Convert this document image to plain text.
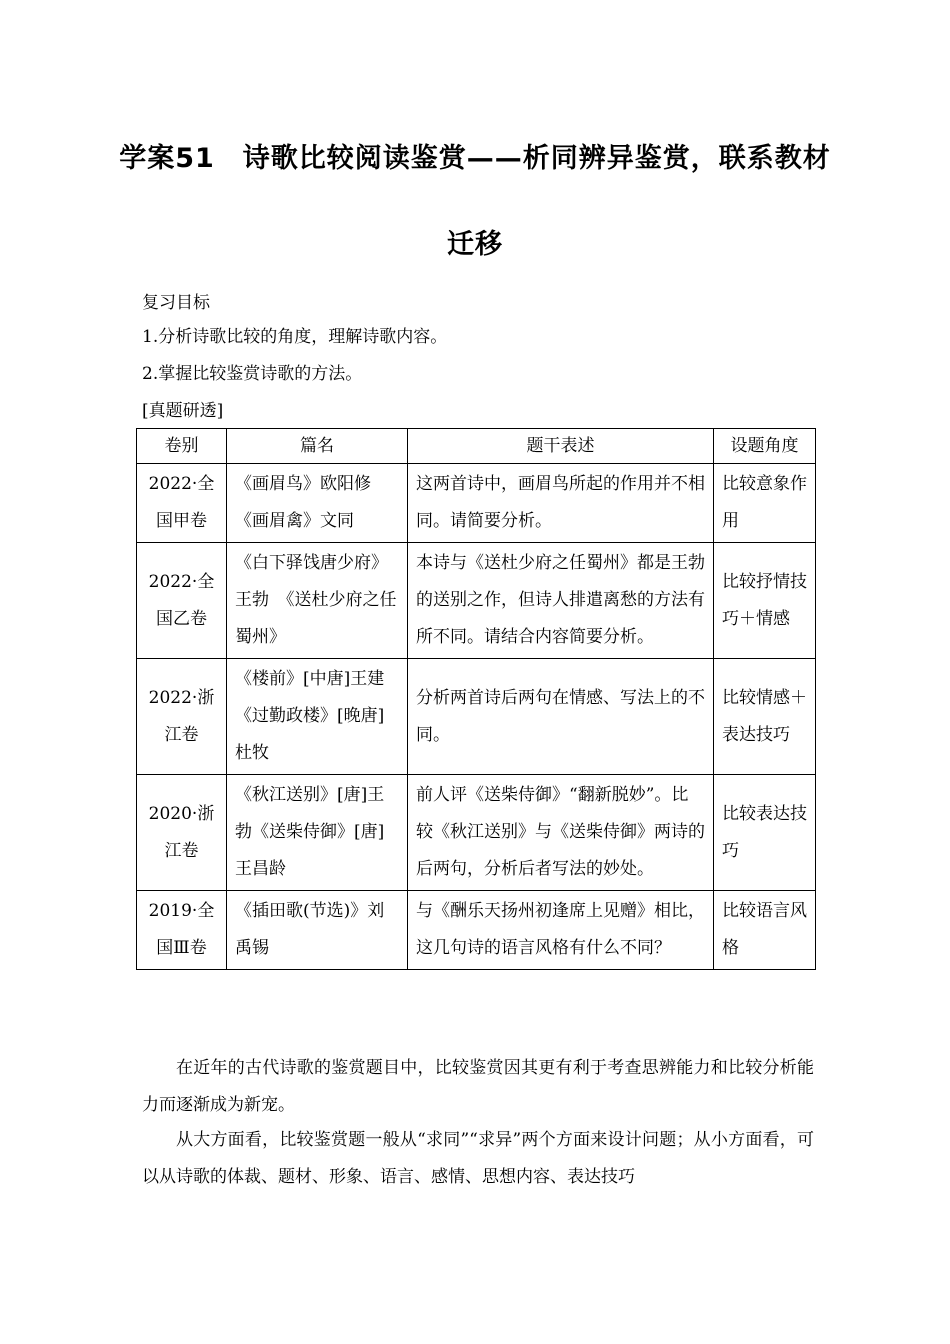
学案51　诗歌比较阅读鉴赏——析同辨异鉴赏，联系教材
迁移
复习目标
1.分析诗歌比较的角度，理解诗歌内容。
2.掌握比较鉴赏诗歌的方法。
[真题研透]
卷别	篇名	题干表述	设题角度
2022·全国甲卷	《画眉鸟》欧阳修　《画眉禽》文同	这两首诗中，画眉鸟所起的作用并不相同。请简要分析。	比较意象作用
2022·全国乙卷	《白下驿饯唐少府》王勃　《送杜少府之任蜀州》	本诗与《送杜少府之任蜀州》都是王勃的送别之作，但诗人排遣离愁的方法有所不同。请结合内容简要分析。	比较抒情技巧＋情感
2022·浙江卷	《楼前》[中唐]王建　《过勤政楼》[晚唐]杜牧	分析两首诗后两句在情感、写法上的不同。	比较情感＋表达技巧
2020·浙江卷	《秋江送别》[唐]王勃《送柴侍御》[唐]王昌龄	前人评《送柴侍御》“翻新脱妙”。比较《秋江送别》与《送柴侍御》两诗的后两句，分析后者写法的妙处。	比较表达技巧
2019·全国Ⅲ卷	《插田歌(节选)》刘禹锡	与《酬乐天扬州初逢席上见赠》相比，这几句诗的语言风格有什么不同？	比较语言风格
在近年的古代诗歌的鉴赏题目中，比较鉴赏因其更有利于考查思辨能力和比较分析能力而逐渐成为新宠。
从大方面看，比较鉴赏题一般从“求同”“求异”两个方面来设计问题；从小方面看，可以从诗歌的体裁、题材、形象、语言、感情、思想内容、表达技巧
